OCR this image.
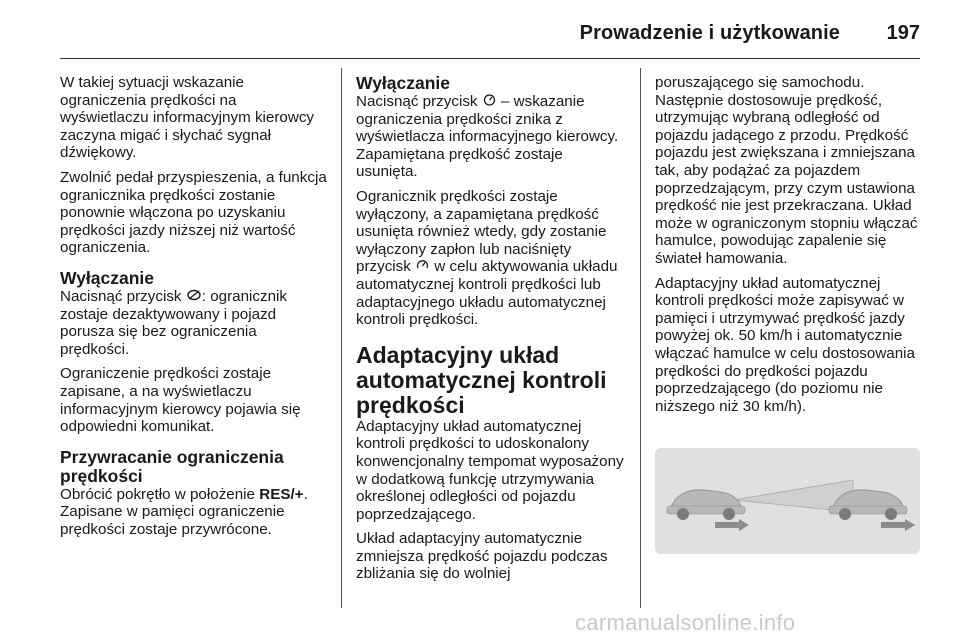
Prowadzenie i użytkowanie 197

W takiej sytuacji wskazanie ograniczenia prędkości na wyświetlaczu informacyjnym kierowcy zaczyna migać i słychać sygnał dźwiękowy.

Zwolnić pedał przyspieszenia, a funkcja ogranicznika prędkości zostanie ponownie włączona po uzyskaniu prędkości jazdy niższej niż wartość ograniczenia.

Wyłączanie

Nacisnąć przycisk : ogranicznik zostaje dezaktywowany i pojazd porusza się bez ograniczenia prędkości.

Ograniczenie prędkości zostaje zapisane, a na wyświetlaczu informacyjnym kierowcy pojawia się odpowiedni komunikat.

Przywracanie ograniczenia prędkości

Obrócić pokrętło w położenie RES/+. Zapisane w pamięci ograniczenie prędkości zostaje przywrócone.

Wyłączanie

Nacisnąć przycisk  – wskazanie ograniczenia prędkości znika z wyświetlacza informacyjnego kierowcy. Zapamiętana prędkość zostaje usunięta.

Ogranicznik prędkości zostaje wyłączony, a zapamiętana prędkość usunięta również wtedy, gdy zostanie wyłączony zapłon lub naciśnięty przycisk  w celu aktywowania układu automatycznej kontroli prędkości lub adaptacyjnego układu automatycznej kontroli prędkości.

Adaptacyjny układ automatycznej kontroli prędkości

Adaptacyjny układ automatycznej kontroli prędkości to udoskonalony konwencjonalny tempomat wyposażony w dodatkową funkcję utrzymywania określonej odległości od pojazdu poprzedzającego.

Układ adaptacyjny automatycznie zmniejsza prędkość pojazdu podczas zbliżania się do wolniej

poruszającego się samochodu. Następnie dostosowuje prędkość, utrzymując wybraną odległość od pojazdu jadącego z przodu. Prędkość pojazdu jest zwiększana i zmniejszana tak, aby podążać za pojazdem poprzedzającym, przy czym ustawiona prędkość nie jest przekraczana. Układ może w ograniczonym stopniu włączać hamulce, powodując zapalenie się świateł hamowania.

Adaptacyjny układ automatycznej kontroli prędkości może zapisywać w pamięci i utrzymywać prędkość jazdy powyżej ok. 50 km/h i automatycznie włączać hamulce w celu dostosowania prędkości do prędkości pojazdu poprzedzającego (do poziomu nie niższego niż 30 km/h).

carmanualsonline.info
